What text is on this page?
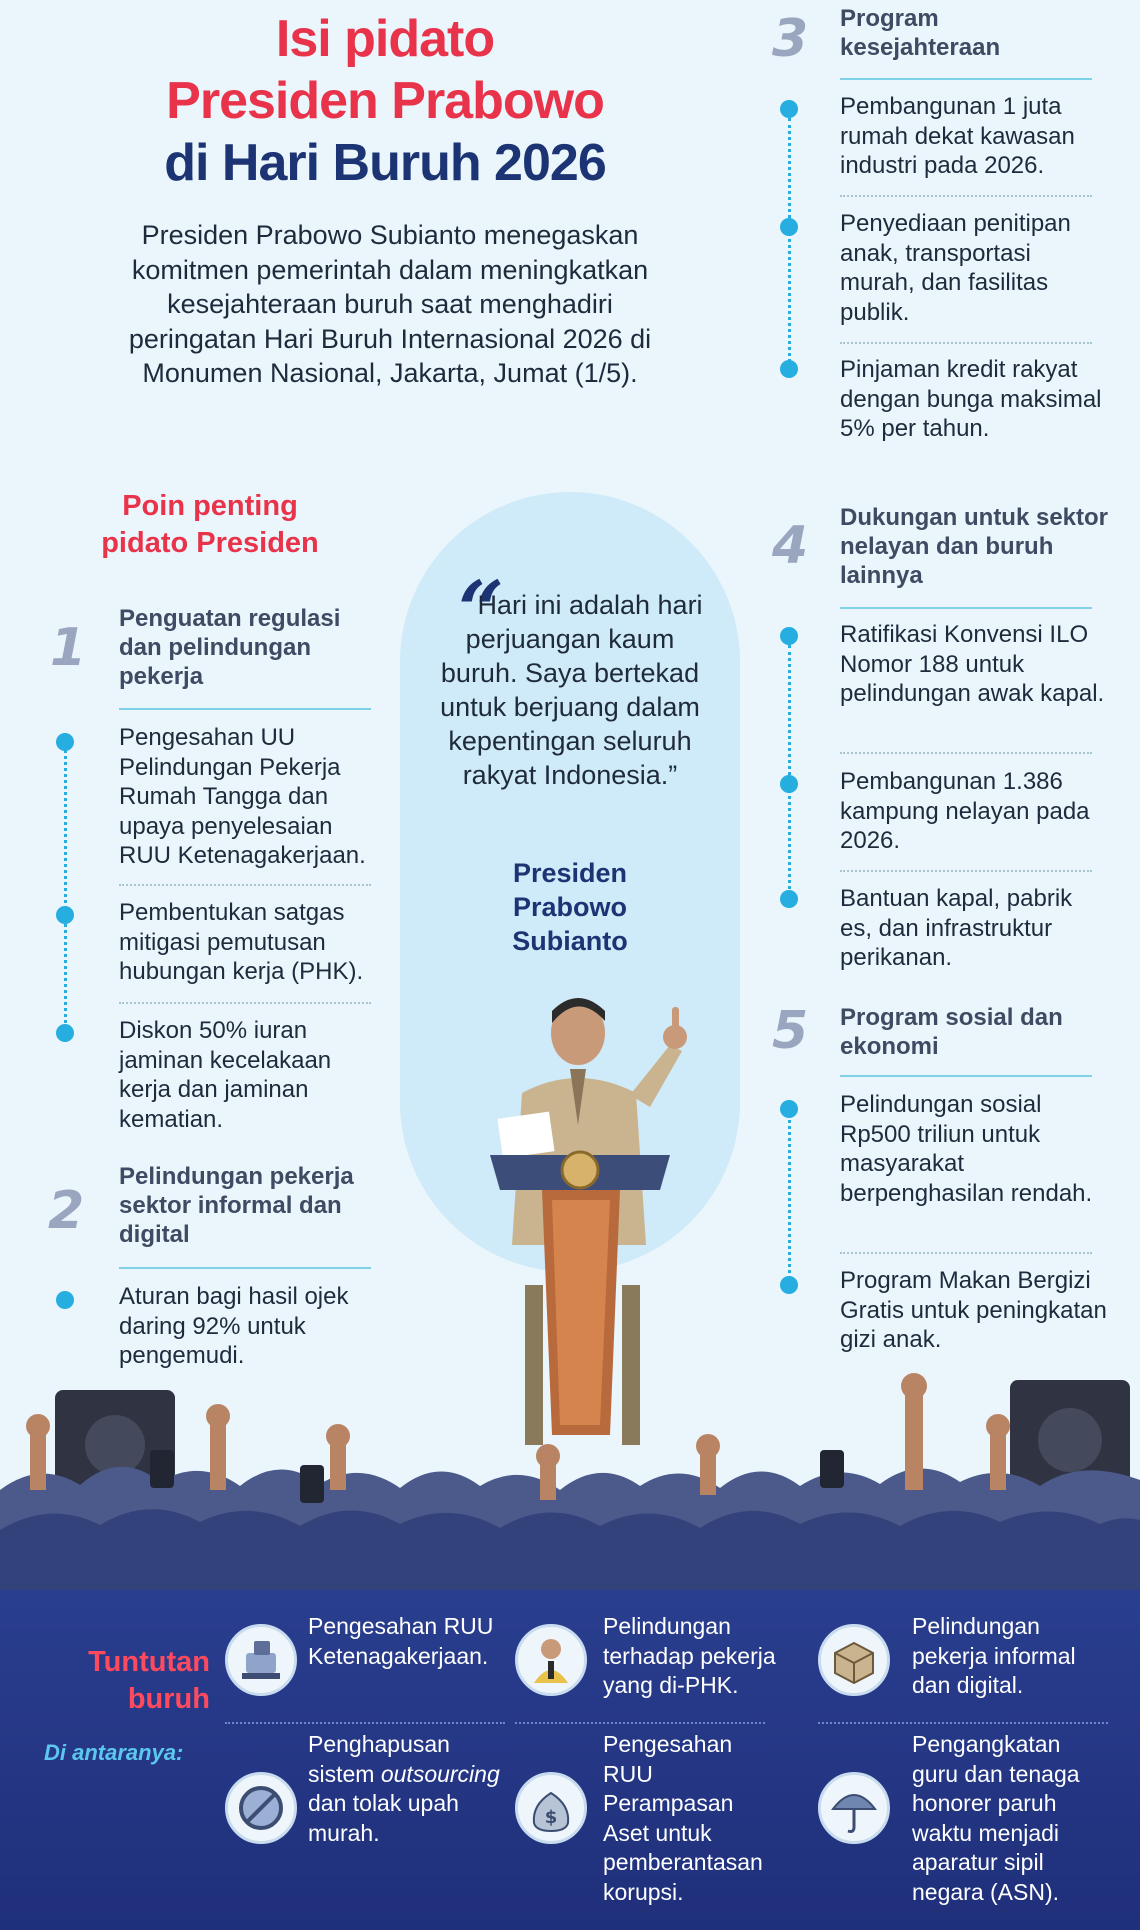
Isi pidato
Presiden Prabowo
di Hari Buruh 2026
Presiden Prabowo Subianto menegaskan komitmen pemerintah dalam meningkatkan kesejahteraan buruh saat menghadiri peringatan Hari Buruh Internasional 2026 di Monumen Nasional, Jakarta, Jumat (1/5).
Poin penting
pidato Presiden
1 Penguatan regulasi dan pelindungan pekerja
Pengesahan UU Pelindungan Pekerja Rumah Tangga dan upaya penyelesaian RUU Ketenagakerjaan.
Pembentukan satgas mitigasi pemutusan hubungan kerja (PHK).
Diskon 50% iuran jaminan kecelakaan kerja dan jaminan kematian.
2
Pelindungan pekerja sektor informal dan digital
Aturan bagi hasil ojek daring 92% untuk pengemudi.
“
Hari ini adalah hari perjuangan kaum buruh. Saya bertekad untuk berjuang dalam kepentingan seluruh rakyat Indonesia.”
Presiden Prabowo Subianto
3 Program kesejahteraan
Pembangunan 1 juta rumah dekat kawasan industri pada 2026.
Penyediaan penitipan anak, transportasi murah, dan fasilitas publik.
Pinjaman kredit rakyat dengan bunga maksimal 5% per tahun.
4 Dukungan untuk sektor nelayan dan buruh lainnya
Ratifikasi Konvensi ILO Nomor 188 untuk pelindungan awak kapal.
Pembangunan 1.386 kampung nelayan pada 2026.
Bantuan kapal, pabrik es, dan infrastruktur perikanan.
5 Program sosial dan ekonomi
Pelindungan sosial Rp500 triliun untuk masyarakat berpenghasilan rendah.
Program Makan Bergizi Gratis untuk peningkatan gizi anak.
Tuntutan
buruh
Di antaranya:
Pengesahan RUU Ketenagakerjaan.
Pelindungan terhadap pekerja yang di-PHK.
Pelindungan pekerja informal dan digital.
Penghapusan sistem outsourcing dan tolak upah murah.
$
Pengesahan RUU Perampasan Aset untuk pemberantasan korupsi.
Pengangkatan guru dan tenaga honorer paruh waktu menjadi aparatur sipil negara (ASN).
